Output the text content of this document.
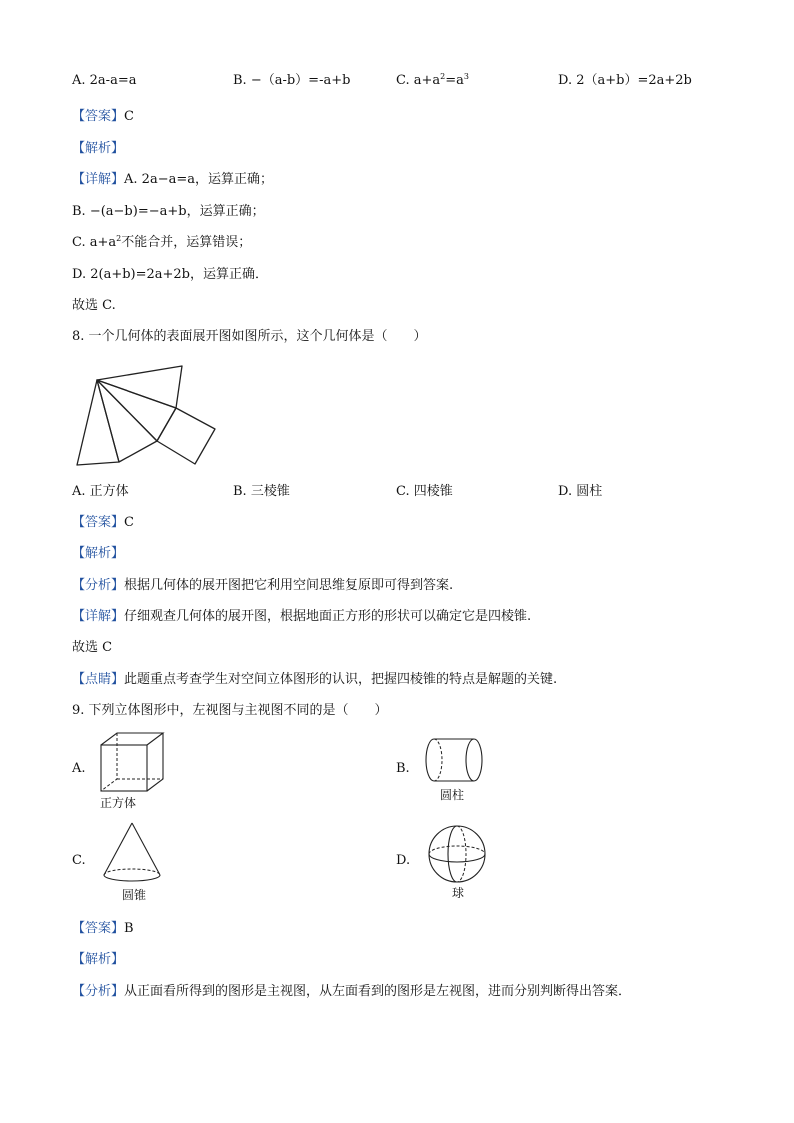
A. 2a-a=a	B. −（a-b）=-a+b	C. $a+a^2=a^3$	D. 2（a+b）=2a+2b
【答案】C
【解析】
【详解】A. 2a−a=a，运算正确；
B. −(a−b)=−a+b，运算正确；
C. $a+a^2$不能合并，运算错误；
D. 2(a+b)=2a+2b，运算正确．
故选 C.
8. 一个几何体的表面展开图如图所示，这个几何体是（　　）
A. 正方体	B. 三棱锥	C. 四棱锥	D. 圆柱
【答案】C
【解析】
【分析】根据几何体的展开图把它利用空间思维复原即可得到答案.
【详解】仔细观查几何体的展开图，根据地面正方形的形状可以确定它是四棱锥.
故选 C
【点睛】此题重点考查学生对空间立体图形的认识，把握四棱锥的特点是解题的关键.
9. 下列立体图形中，左视图与主视图不同的是（　　）
A.
正方体
B.
圆柱
C.
圆锥
D.
球
【答案】B
【解析】
【分析】从正面看所得到的图形是主视图，从左面看到的图形是左视图，进而分别判断得出答案．
